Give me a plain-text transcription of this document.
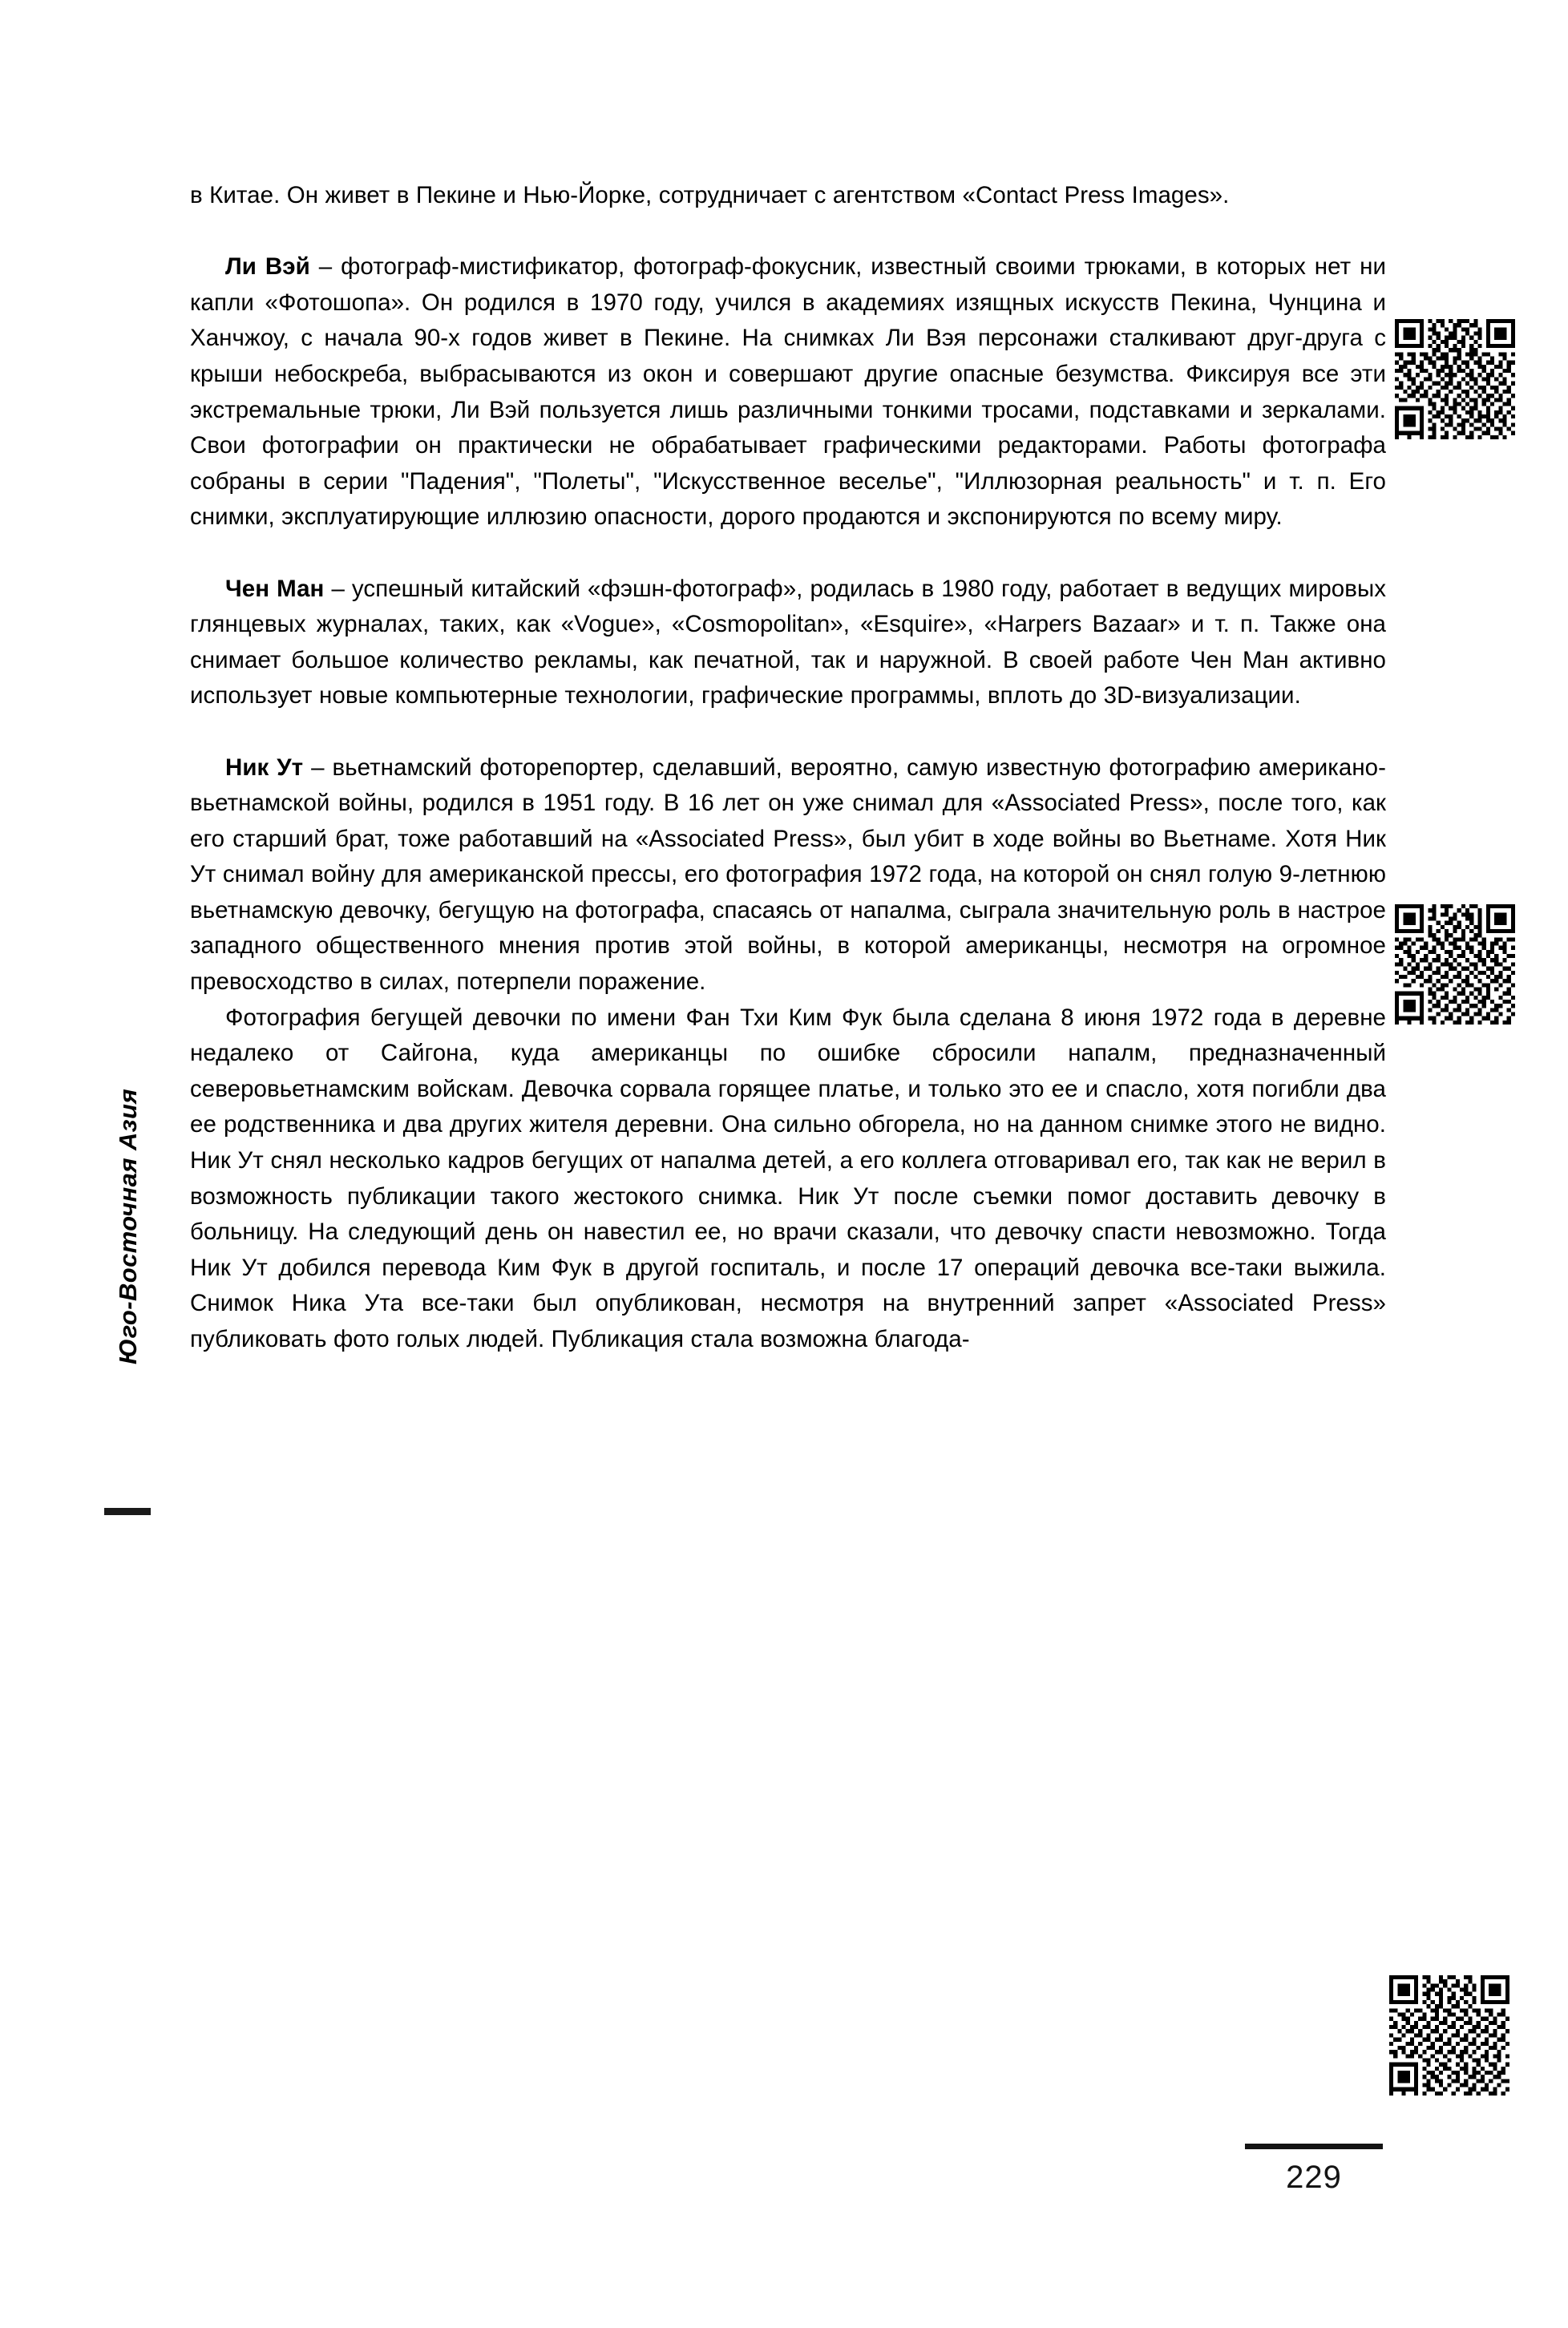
в Китае. Он живет в Пекине и Нью-Йорке, сотрудничает с агентством «Contact Press Images».

Ли Вэй – фотограф-мистификатор, фотограф-фокусник, известный своими трюками, в которых нет ни капли «Фотошопа». Он родился в 1970 году, учился в академиях изящных искусств Пекина, Чунцина и Ханчжоу, с начала 90-х годов живет в Пекине. На снимках Ли Вэя персонажи сталкивают друг-друга с крыши небоскреба, выбрасываются из окон и совершают другие опасные безумства. Фиксируя все эти экстремальные трюки, Ли Вэй пользуется лишь различными тонкими тросами, подставками и зеркалами. Свои фотографии он практически не обрабатывает графическими редакторами. Работы фотографа собраны в серии "Падения", "Полеты", "Искусственное веселье", "Иллюзорная реальность" и т. п. Его снимки, эксплуатирующие иллюзию опасности, дорого продаются и экспонируются по всему миру.

Чен Ман – успешный китайский «фэшн-фотограф», родилась в 1980 году, работает в ведущих мировых глянцевых журналах, таких, как «Vogue», «Cosmopolitan», «Esquire», «Harpers Bazaar» и т. п. Также она снимает большое количество рекламы, как печатной, так и наружной. В своей работе Чен Ман активно использует новые компьютерные технологии, графические программы, вплоть до 3D-визуализации.

Ник Ут – вьетнамский фоторепортер, сделавший, вероятно, самую известную фотографию американо-вьетнамской войны, родился в 1951 году. В 16 лет он уже снимал для «Associated Press», после того, как его старший брат, тоже работавший на «Associated Press», был убит в ходе войны во Вьетнаме. Хотя Ник Ут снимал войну для американской прессы, его фотография 1972 года, на которой он снял голую 9-летнюю вьетнамскую девочку, бегущую на фотографа, спасаясь от напалма, сыграла значительную роль в настрое западного общественного мнения против этой войны, в которой американцы, несмотря на огромное превосходство в силах, потерпели поражение.

Фотография бегущей девочки по имени Фан Тхи Ким Фук была сделана 8 июня 1972 года в деревне недалеко от Сайгона, куда американцы по ошибке сбросили напалм, предназначенный северовьетнамским войскам. Девочка сорвала горящее платье, и только это ее и спасло, хотя погибли два ее родственника и два других жителя деревни. Она сильно обгорела, но на данном снимке этого не видно. Ник Ут снял несколько кадров бегущих от напалма детей, а его коллега отговаривал его, так как не верил в возможность публикации такого жестокого снимка. Ник Ут после съемки помог доставить девочку в больницу. На следующий день он навестил ее, но врачи сказали, что девочку спасти невозможно. Тогда Ник Ут добился перевода Ким Фук в другой госпиталь, и после 17 операций девочка все-таки выжила. Снимок Ника Ута все-таки был опубликован, несмотря на внутренний запрет «Associated Press» публиковать фото голых людей. Публикация стала возможна благода-

Юго-Восточная Азия
229
